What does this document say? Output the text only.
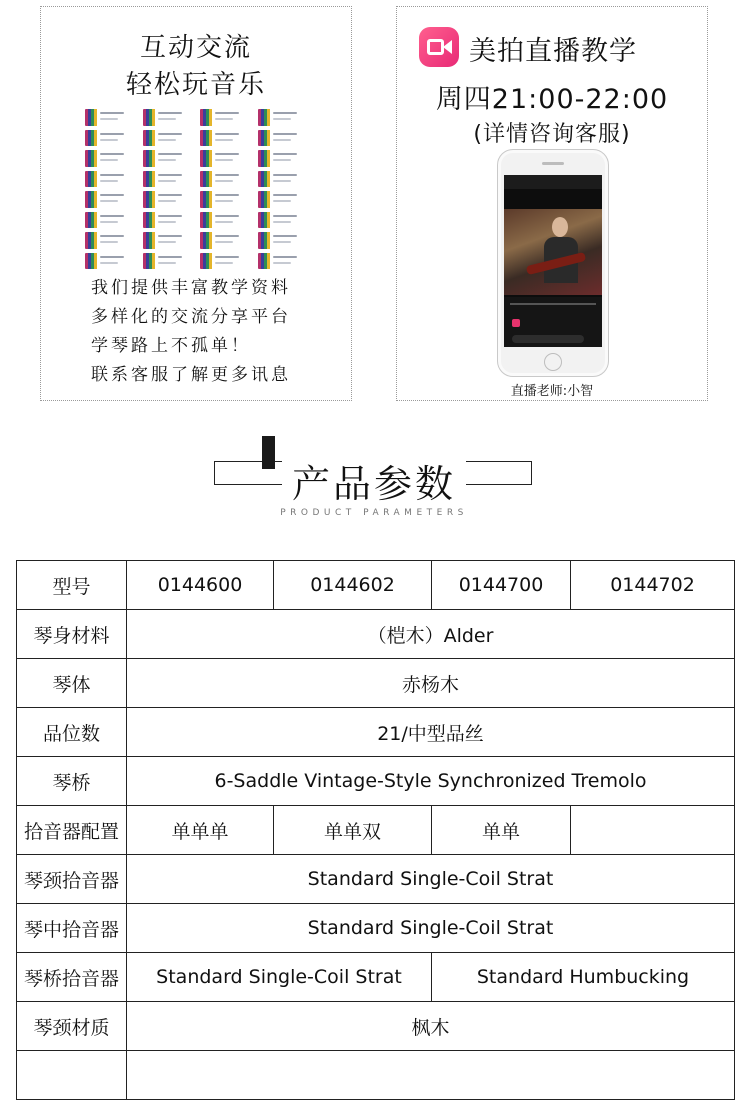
互动交流
轻松玩音乐
我们提供丰富教学资料
多样化的交流分享平台
学琴路上不孤单！
联系客服了解更多讯息
美拍直播教学
周四21:00-22:00
(详情咨询客服)
直播老师:小智
产品参数
PRODUCT PARAMETERS
型号	0144600	0144602	0144700	0144702
琴身材料	（桤木）Alder			
琴体	赤杨木			
品位数	21/中型品丝			
琴桥	6-Saddle Vintage-Style Synchronized Tremolo			
拾音器配置	单单单	单单双	单单	
琴颈拾音器	Standard Single-Coil Strat			
琴中拾音器	Standard Single-Coil Strat			
琴桥拾音器	Standard Single-Coil Strat		Standard Humbucking	
琴颈材质	枫木			
